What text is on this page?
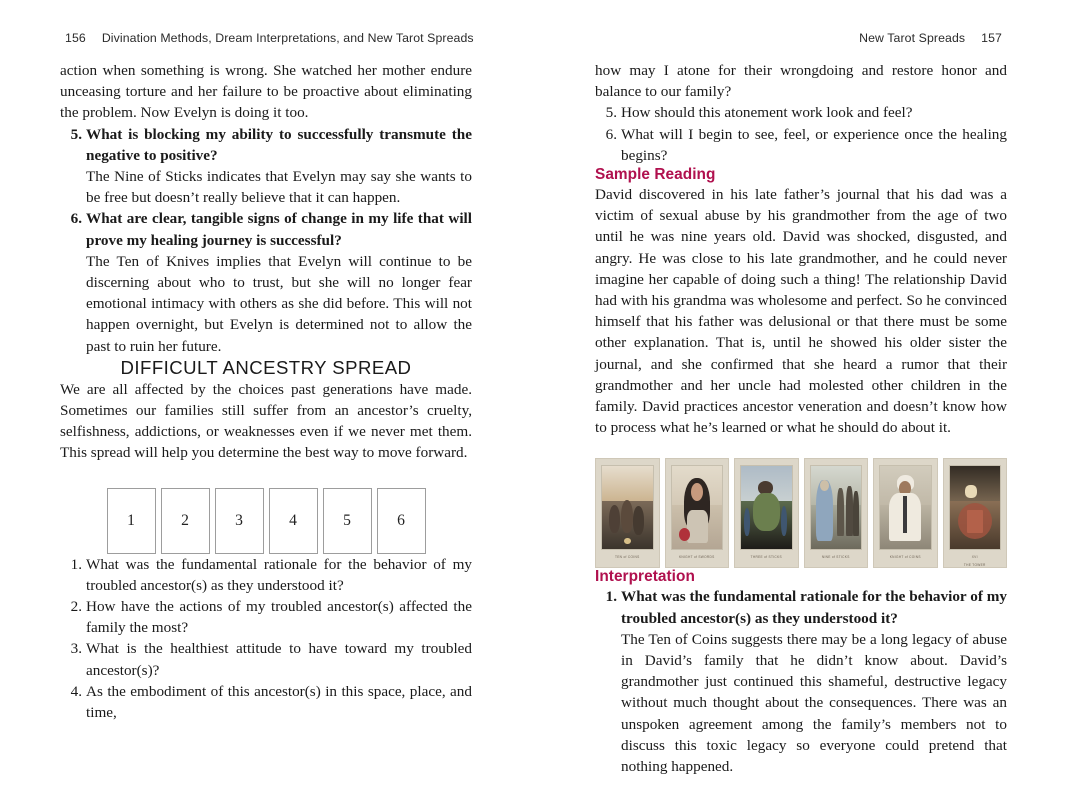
156 Divination Methods, Dream Interpretations, and New Tarot Spreads	New Tarot Spreads 157

action when something is wrong. She watched her mother endure unceasing torture and her failure to be proactive about eliminating the problem. Now Evelyn is doing it too.

5. What is blocking my ability to successfully transmute the negative to positive?
The Nine of Sticks indicates that Evelyn may say she wants to be free but doesn’t really believe that it can happen.
6. What are clear, tangible signs of change in my life that will prove my healing journey is successful?
The Ten of Knives implies that Evelyn will continue to be discerning about who to trust, but she will no longer fear emotional intimacy with others as she did before. This will not happen overnight, but Evelyn is determined not to allow the past to ruin her future.
DIFFICULT ANCESTRY SPREAD

We are all affected by the choices past generations have made. Sometimes our families still suffer from an ancestor’s cruelty, selfishness, addictions, or weaknesses even if we never met them. This spread will help you determine the best way to move forward.

1	2	3	4	5	6
1. What was the fundamental rationale for the behavior of my troubled ancestor(s) as they understood it?
2. How have the actions of my troubled ancestor(s) affected the family the most?
3. What is the healthiest attitude to have toward my troubled ancestor(s)?
4. As the embodiment of this ancestor(s) in this space, place, and time,

how may I atone for their wrongdoing and restore honor and balance to our family?

5. How should this atonement work look and feel?
6. What will I begin to see, feel, or experience once the healing begins?
Sample Reading

David discovered in his late father’s journal that his dad was a victim of sexual abuse by his grandmother from the age of two until he was nine years old. David was shocked, disgusted, and angry. He was close to his late grandmother, and he could never imagine her capable of doing such a thing! The relationship David had with his grandma was wholesome and perfect. So he convinced himself that his father was delusional or that there must be some other explanation. That is, until he showed his older sister the journal, and she confirmed that she heard a rumor that their grandmother and her uncle had molested other children in the family. David practices ancestor veneration and doesn’t know how to process what he’s learned or what he should do about it.

TEN of COINS	KNIGHT of SWORDS	THREE of STICKS	NINE of STICKS	KNIGHT of COINS	XVI
THE TOWER
Interpretation
1. What was the fundamental rationale for the behavior of my troubled ancestor(s) as they understood it?
The Ten of Coins suggests there may be a long legacy of abuse in David’s family that he didn’t know about. David’s grandmother just continued this shameful, destructive legacy without much thought about the consequences. There was an unspoken agreement among the family’s members not to discuss this toxic legacy so everyone could pretend that nothing happened.
